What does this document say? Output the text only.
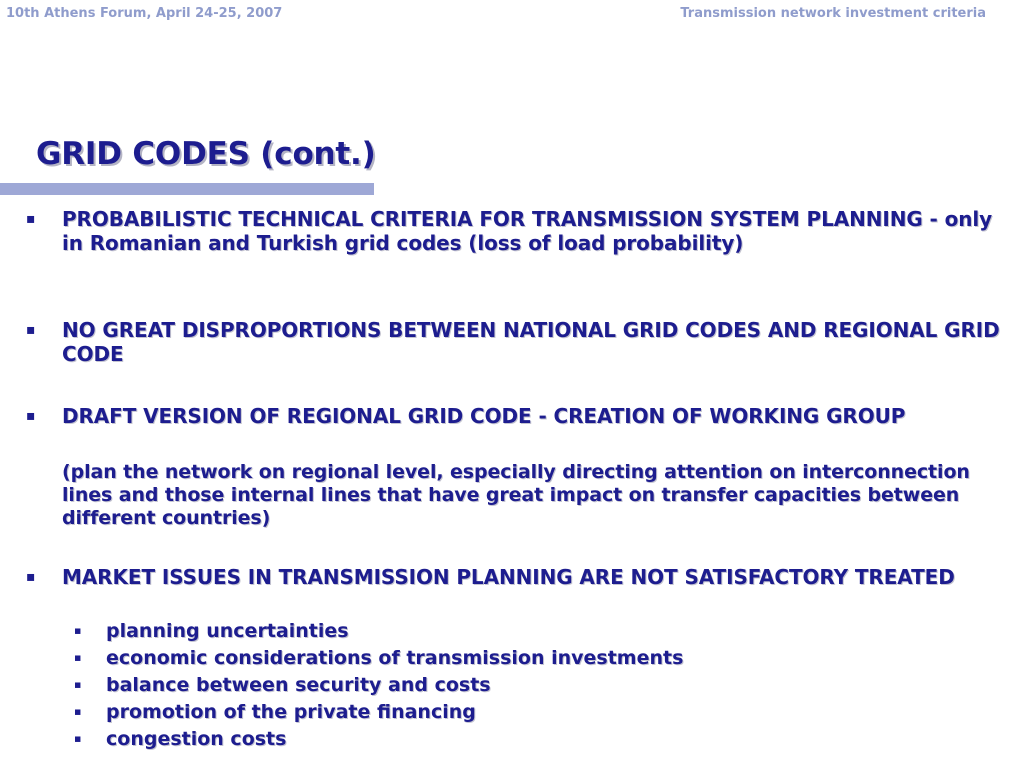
10th Athens Forum, April 24-25, 2007	Transmission network investment criteria
GRID CODES (cont.)
▪ PROBABILISTIC TECHNICAL CRITERIA FOR TRANSMISSION SYSTEM PLANNING - only in Romanian and Turkish grid codes (loss of load probability)
▪ NO GREAT DISPROPORTIONS BETWEEN NATIONAL GRID CODES AND REGIONAL GRID CODE
▪ DRAFT VERSION OF REGIONAL GRID CODE - CREATION OF WORKING GROUP
(plan the network on regional level, especially directing attention on interconnection lines and those internal lines that have great impact on transfer capacities between different countries)
▪ MARKET ISSUES IN TRANSMISSION PLANNING ARE NOT SATISFACTORY TREATED
▪ planning uncertainties
▪ economic considerations of transmission investments
▪ balance between security and costs
▪ promotion of the private financing
▪ congestion costs
